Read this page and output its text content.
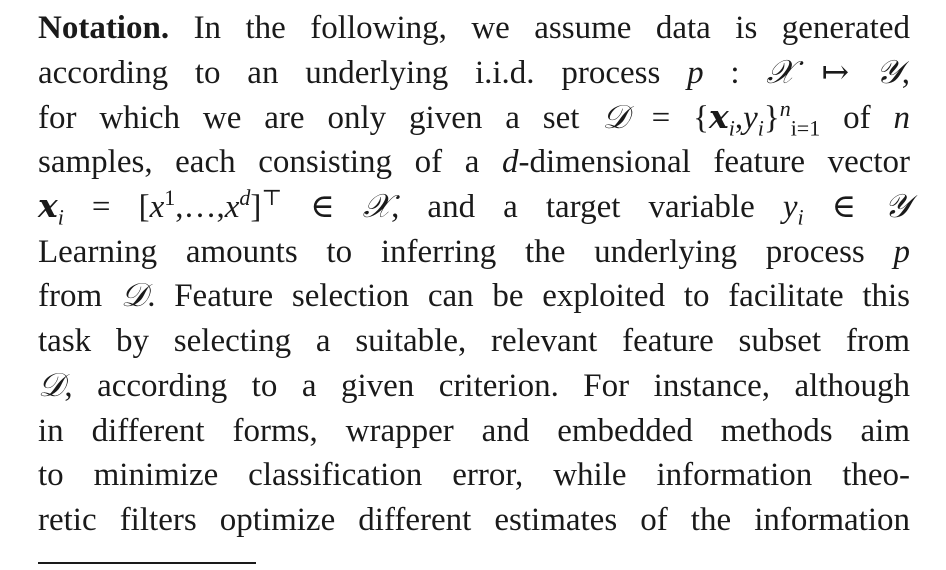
Notation. In the following, we assume data is generated
according to an underlying i.i.d. process p : 𝒳 ↦ 𝒴,
for which we are only given a set 𝒟 = $\{𝒙_i,y_i\}^n_{i=1}$ of n
samples, each consisting of a d-dimensional feature vector
𝒙$_i$ = $[x^1,\dots,x^d]^⊤$ ∈ 𝒳, and a target variable $y_i$ ∈ 𝒴
Learning amounts to inferring the underlying process p
from 𝒟. Feature selection can be exploited to facilitate this
task by selecting a suitable, relevant feature subset from
𝒟, according to a given criterion. For instance, although
in different forms, wrapper and embedded methods aim
to minimize classification error, while information theo-
retic filters optimize different estimates of the information
